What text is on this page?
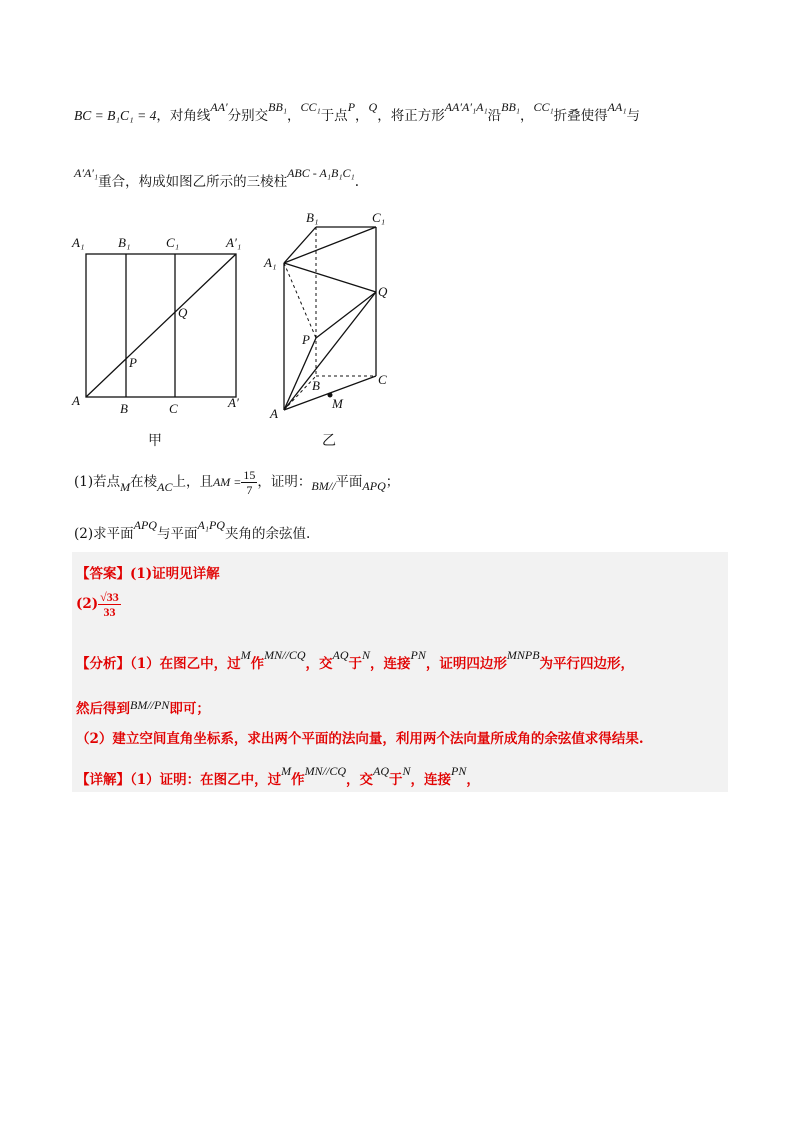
BC = B₁C₁ = 4，对角线AA′分别交BB₁，CC₁于点P，Q，将正方形AA′A′₁A₁沿BB₁，CC₁折叠使得AA₁与
A′A′₁重合，构成如图乙所示的三棱柱ABC - A₁B₁C₁.
A₁	B₁	C₁	A′₁
Q
P
A
B	C	A′
甲
B₁	C₁
A₁
Q
P
B	C
M
A
乙
(1)若点M在棱AC上，且AM = $\frac{15}{7}$ ，证明：BM//平面APQ；
(2)求平面APQ与平面A₁PQ夹角的余弦值.
【答案】(1)证明见详解
$(2) \frac{√33}{33}$
【分析】（1）在图乙中，过M作MN//CQ，交AQ于N，连接PN，证明四边形MNPB为平行四边形，
然后得到BM//PN即可；
（2）建立空间直角坐标系，求出两个平面的法向量，利用两个法向量所成角的余弦值求得结果.
【详解】（1）证明：在图乙中，过M作MN//CQ，交AQ于N，连接PN，
